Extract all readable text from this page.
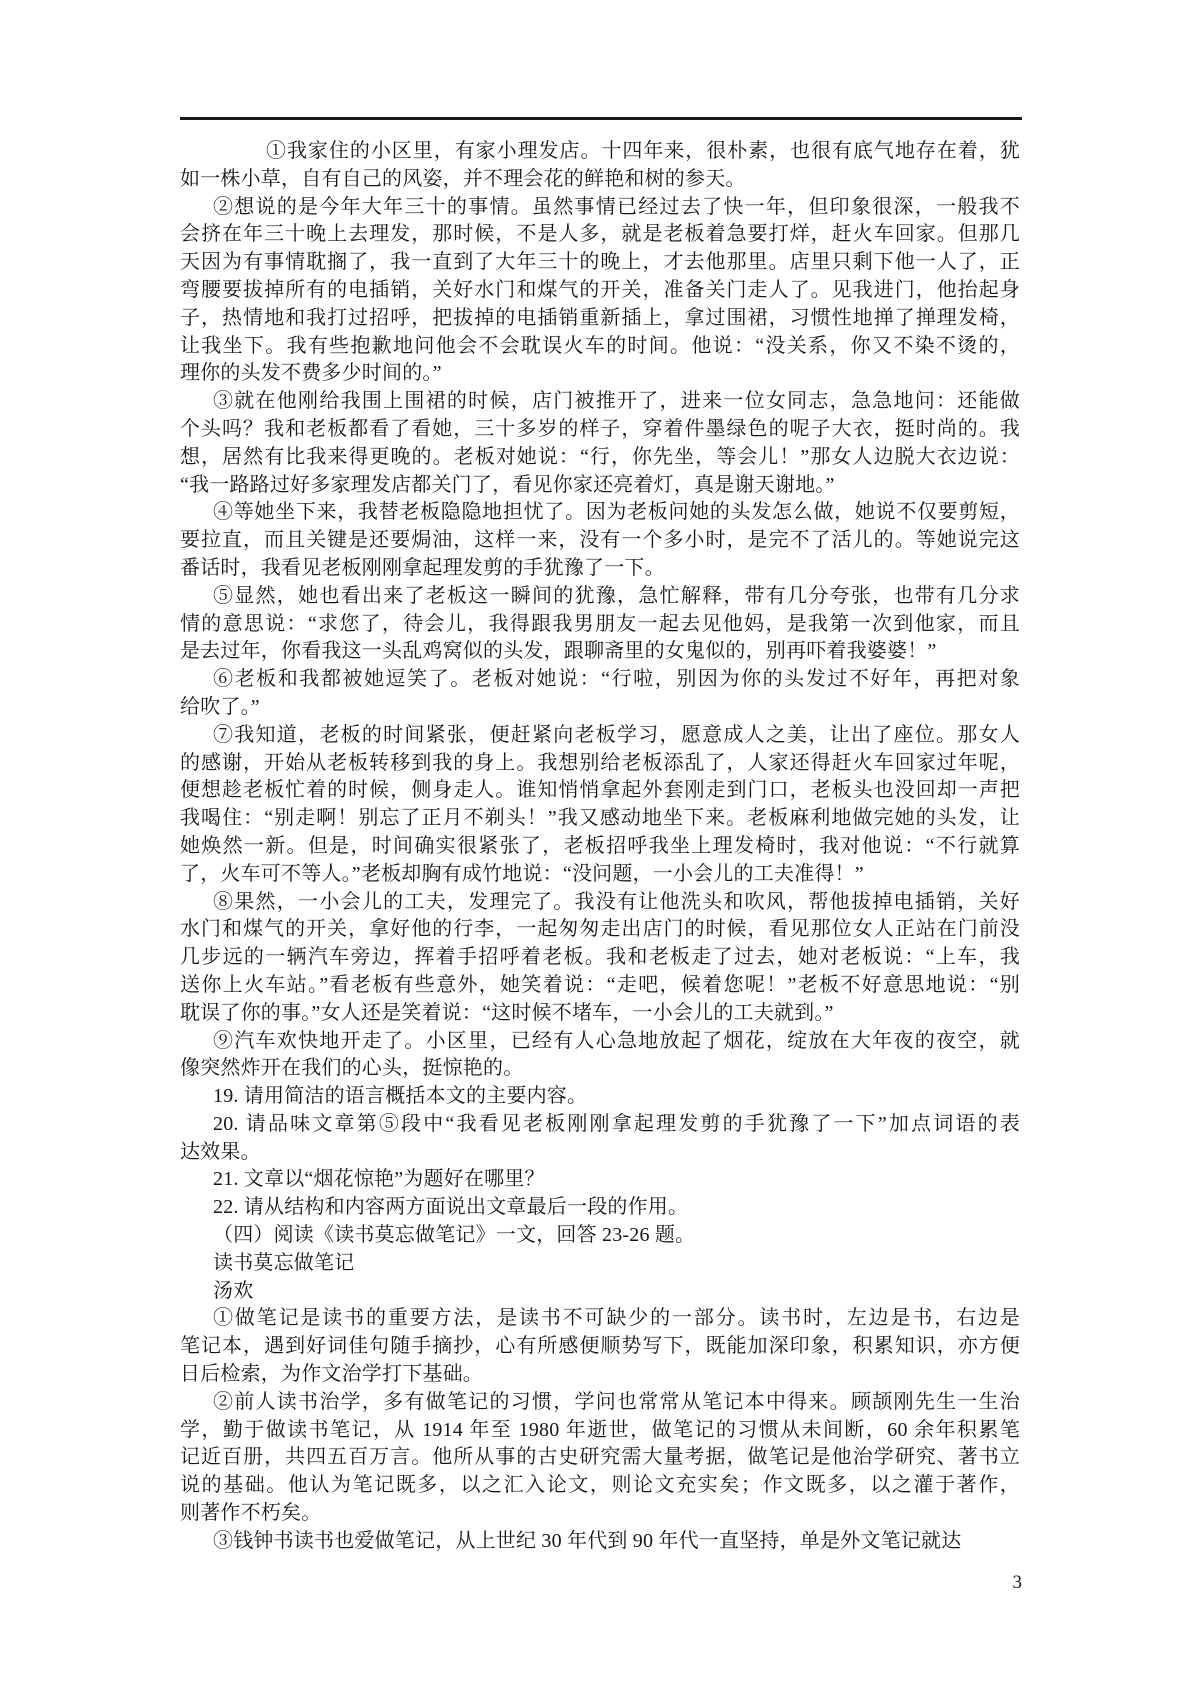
①我家住的小区里，有家小理发店。十四年来，很朴素，也很有底气地存在着，犹
如一株小草，自有自己的风姿，并不理会花的鲜艳和树的参天。
②想说的是今年大年三十的事情。虽然事情已经过去了快一年，但印象很深，一般我不
会挤在年三十晚上去理发，那时候，不是人多，就是老板着急要打烊，赶火车回家。但那几
天因为有事情耽搁了，我一直到了大年三十的晚上，才去他那里。店里只剩下他一人了，正
弯腰要拔掉所有的电插销，关好水门和煤气的开关，准备关门走人了。见我进门，他抬起身
子，热情地和我打过招呼，把拔掉的电插销重新插上，拿过围裙，习惯性地掸了掸理发椅，
让我坐下。我有些抱歉地问他会不会耽误火车的时间。他说：“没关系，你又不染不烫的，
理你的头发不费多少时间的。”
③就在他刚给我围上围裙的时候，店门被推开了，进来一位女同志，急急地问：还能做
个头吗？我和老板都看了看她，三十多岁的样子，穿着件墨绿色的呢子大衣，挺时尚的。我
想，居然有比我来得更晚的。老板对她说：“行，你先坐，等会儿！”那女人边脱大衣边说：
“我一路路过好多家理发店都关门了，看见你家还亮着灯，真是谢天谢地。”
④等她坐下来，我替老板隐隐地担忧了。因为老板问她的头发怎么做，她说不仅要剪短，
要拉直，而且关键是还要焗油，这样一来，没有一个多小时，是完不了活儿的。等她说完这
番话时，我看见老板刚刚拿起理发剪的手犹豫了一下。
⑤显然，她也看出来了老板这一瞬间的犹豫，急忙解释，带有几分夸张，也带有几分求
情的意思说：“求您了，待会儿，我得跟我男朋友一起去见他妈，是我第一次到他家，而且
是去过年，你看我这一头乱鸡窝似的头发，跟聊斋里的女鬼似的，别再吓着我婆婆！”
⑥老板和我都被她逗笑了。老板对她说：“行啦，别因为你的头发过不好年，再把对象
给吹了。”
⑦我知道，老板的时间紧张，便赶紧向老板学习，愿意成人之美，让出了座位。那女人
的感谢，开始从老板转移到我的身上。我想别给老板添乱了，人家还得赶火车回家过年呢，
便想趁老板忙着的时候，侧身走人。谁知悄悄拿起外套刚走到门口，老板头也没回却一声把
我喝住：“别走啊！别忘了正月不剃头！”我又感动地坐下来。老板麻利地做完她的头发，让
她焕然一新。但是，时间确实很紧张了，老板招呼我坐上理发椅时，我对他说：“不行就算
了，火车可不等人。”老板却胸有成竹地说：“没问题，一小会儿的工夫准得！”
⑧果然，一小会儿的工夫，发理完了。我没有让他洗头和吹风，帮他拔掉电插销，关好
水门和煤气的开关，拿好他的行李，一起匆匆走出店门的时候，看见那位女人正站在门前没
几步远的一辆汽车旁边，挥着手招呼着老板。我和老板走了过去，她对老板说：“上车，我
送你上火车站。”看老板有些意外，她笑着说：“走吧，候着您呢！”老板不好意思地说：“别
耽误了你的事。”女人还是笑着说：“这时候不堵车，一小会儿的工夫就到。”
⑨汽车欢快地开走了。小区里，已经有人心急地放起了烟花，绽放在大年夜的夜空，就
像突然炸开在我们的心头，挺惊艳的。
19. 请用简洁的语言概括本文的主要内容。
20. 请品味文章第⑤段中“我看见老板刚刚拿起理发剪的手犹豫了一下”加点词语的表
达效果。
21. 文章以“烟花惊艳”为题好在哪里？
22. 请从结构和内容两方面说出文章最后一段的作用。
（四）阅读《读书莫忘做笔记》一文，回答 23-26 题。
读书莫忘做笔记
汤欢
①做笔记是读书的重要方法，是读书不可缺少的一部分。读书时，左边是书，右边是
笔记本，遇到好词佳句随手摘抄，心有所感便顺势写下，既能加深印象，积累知识，亦方便
日后检索，为作文治学打下基础。
②前人读书治学，多有做笔记的习惯，学问也常常从笔记本中得来。顾颉刚先生一生治
学，勤于做读书笔记，从 1914 年至 1980 年逝世，做笔记的习惯从未间断，60 余年积累笔
记近百册，共四五百万言。他所从事的古史研究需大量考据，做笔记是他治学研究、著书立
说的基础。他认为笔记既多，以之汇入论文，则论文充实矣；作文既多，以之灌于著作，
则著作不朽矣。
③钱钟书读书也爱做笔记，从上世纪 30 年代到 90 年代一直坚持，单是外文笔记就达
3
